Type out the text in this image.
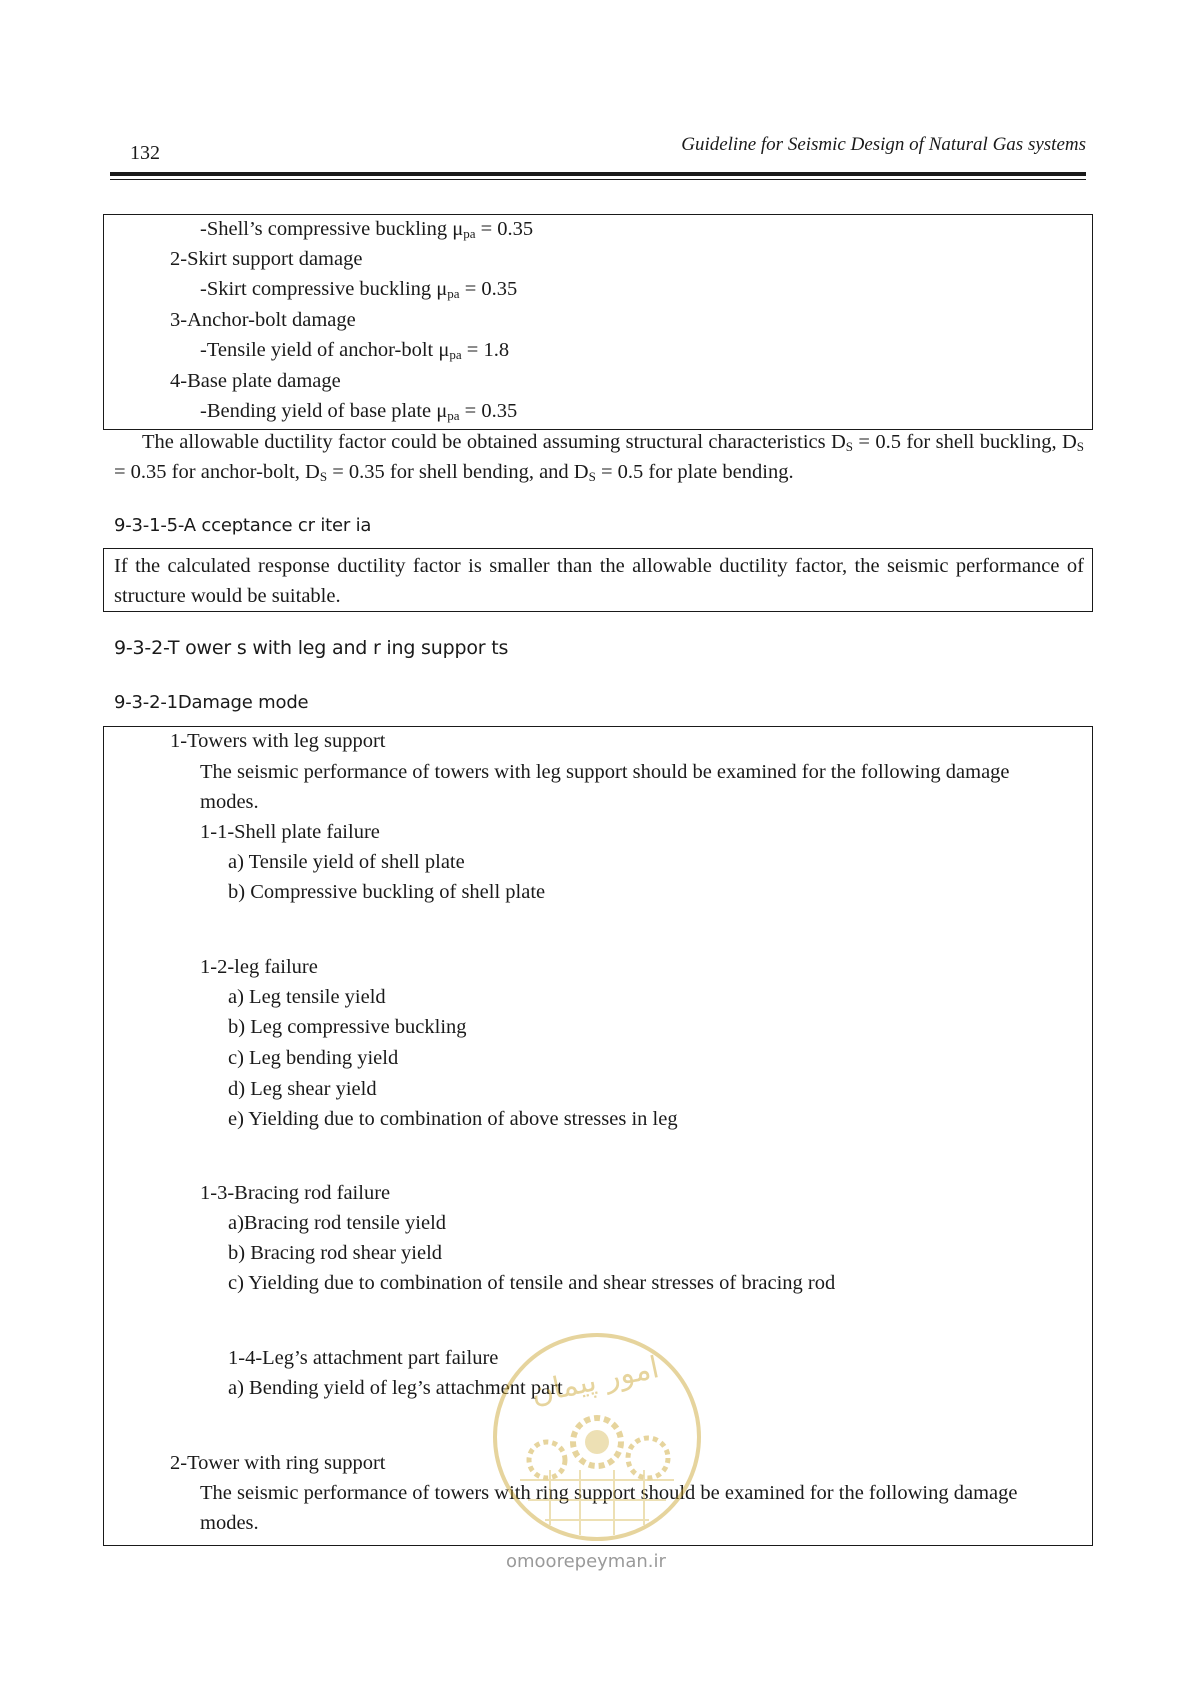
132	Guideline for Seismic Design of Natural Gas systems
-Shell’s compressive buckling $\mu_{pa} = 0.35$
2-Skirt support damage
-Skirt compressive buckling $\mu_{pa} = 0.35$
3-Anchor-bolt damage
-Tensile yield of anchor-bolt $\mu_{pa} = 1.8$
4-Base plate damage
-Bending yield of base plate $\mu_{pa} = 0.35$
The allowable ductility factor could be obtained assuming structural characteristics $D_S = 0.5$ for shell buckling, $D_S = 0.35$ for anchor-bolt, $D_S = 0.35$ for shell bending, and $D_S = 0.5$ for plate bending.
9-3-1-5-A cceptance cr iter ia
If the calculated response ductility factor is smaller than the allowable ductility factor, the seismic performance of structure would be suitable.
9-3-2-T ower s with leg and r ing suppor ts
9-3-2-1Damage mode
1-Towers with leg support
The seismic performance of towers with leg support should be examined for the following damage
modes.
1-1-Shell plate failure
a) Tensile yield of shell plate
b) Compressive buckling of shell plate
1-2-leg failure
a) Leg tensile yield
b) Leg compressive buckling
c) Leg bending yield
d) Leg shear yield
e) Yielding due to combination of above stresses in leg
1-3-Bracing rod failure
a)Bracing rod tensile yield
b) Bracing rod shear yield
c) Yielding due to combination of tensile and shear stresses of bracing rod
1-4-Leg’s attachment part failure
a) Bending yield of leg’s attachment part
2-Tower with ring support
The seismic performance of towers with ring support should be examined for the following damage
modes.
امور پیمان
omoorepeyman.ir
